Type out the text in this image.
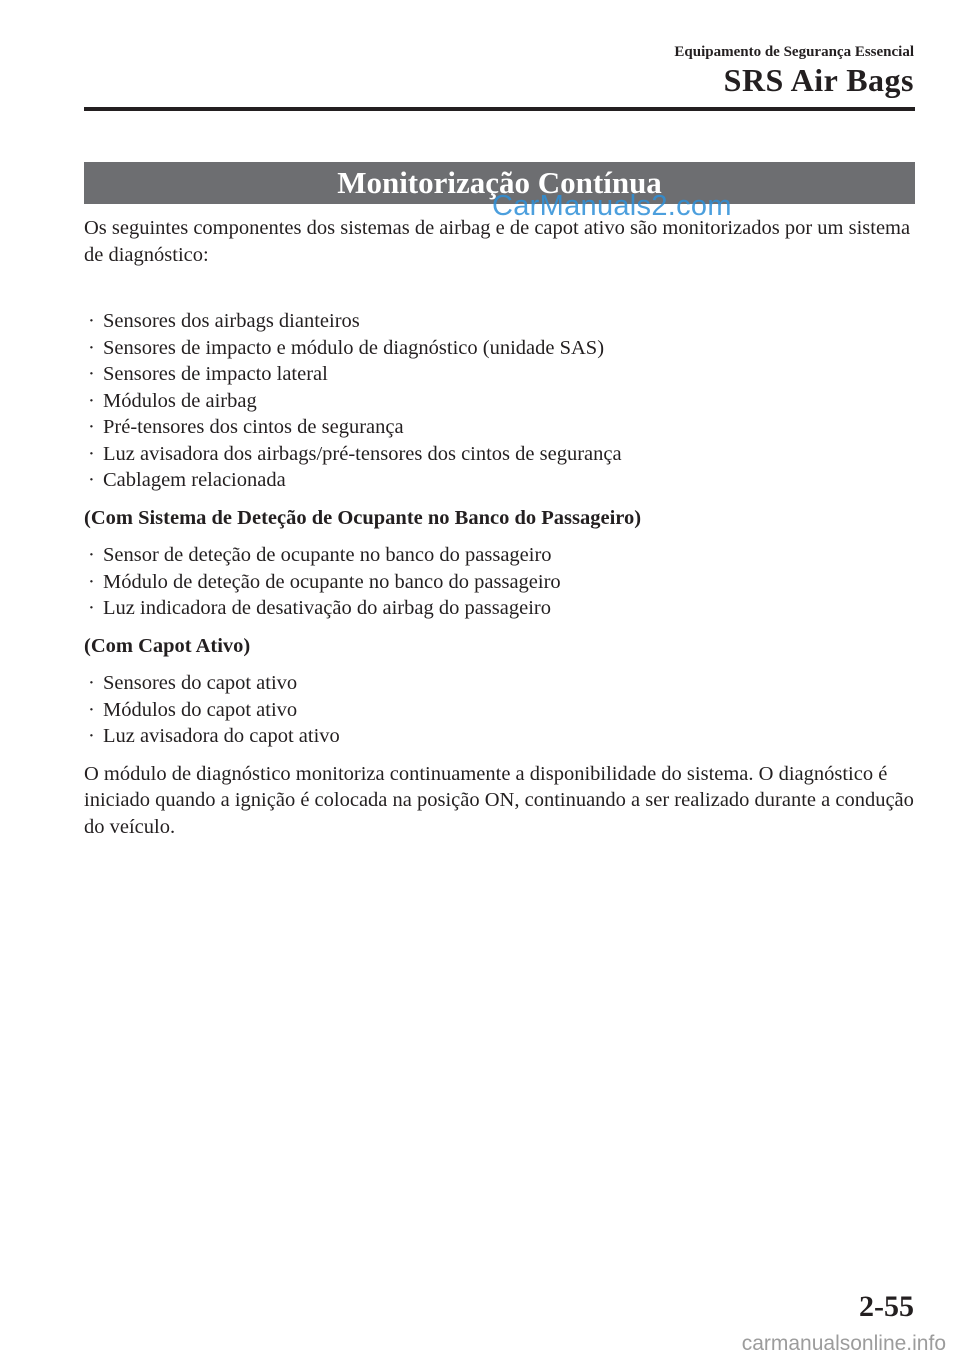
Equipamento de Segurança Essencial
SRS Air Bags
Monitorização Contínua
CarManuals2.com

Os seguintes componentes dos sistemas de airbag e de capot ativo são monitorizados por um sistema de diagnóstico:

· Sensores dos airbags dianteiros
· Sensores de impacto e módulo de diagnóstico (unidade SAS)
· Sensores de impacto lateral
· Módulos de airbag
· Pré-tensores dos cintos de segurança
· Luz avisadora dos airbags/pré-tensores dos cintos de segurança
· Cablagem relacionada

(Com Sistema de Deteção de Ocupante no Banco do Passageiro)

· Sensor de deteção de ocupante no banco do passageiro
· Módulo de deteção de ocupante no banco do passageiro
· Luz indicadora de desativação do airbag do passageiro

(Com Capot Ativo)

· Sensores do capot ativo
· Módulos do capot ativo
· Luz avisadora do capot ativo

O módulo de diagnóstico monitoriza continuamente a disponibilidade do sistema. O diagnóstico é iniciado quando a ignição é colocada na posição ON, continuando a ser realizado durante a condução do veículo.

2-55
carmanualsonline.info
